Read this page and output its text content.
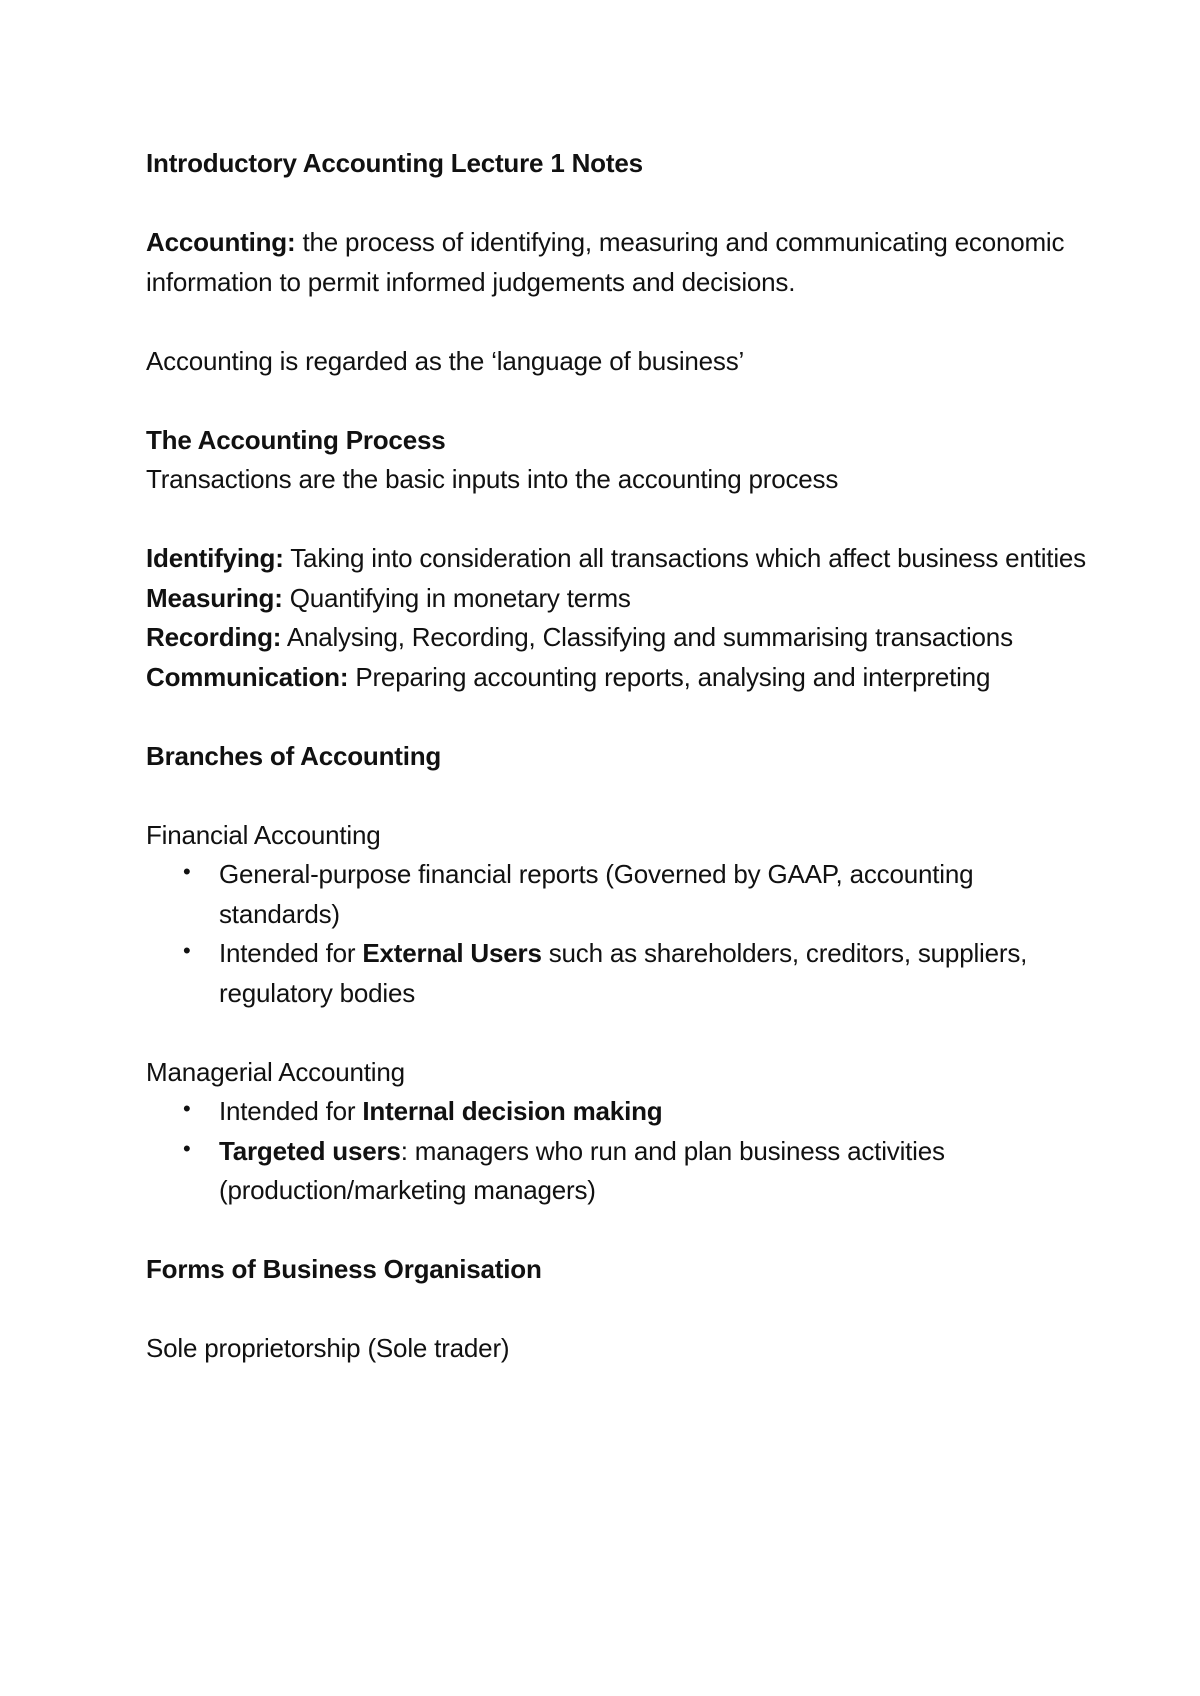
Introductory Accounting Lecture 1 Notes

Accounting: the process of identifying, measuring and communicating economic information to permit informed judgements and decisions.

Accounting is regarded as the ‘language of business’

The Accounting Process

Transactions are the basic inputs into the accounting process

Identifying: Taking into consideration all transactions which affect business entities

Measuring: Quantifying in monetary terms

Recording: Analysing, Recording, Classifying and summarising transactions

Communication: Preparing accounting reports, analysing and interpreting

Branches of Accounting

Financial Accounting

• General-purpose financial reports (Governed by GAAP, accounting standards)
• Intended for External Users such as shareholders, creditors, suppliers, regulatory bodies

Managerial Accounting

• Intended for Internal decision making
• Targeted users: managers who run and plan business activities (production/marketing managers)

Forms of Business Organisation

Sole proprietorship (Sole trader)
